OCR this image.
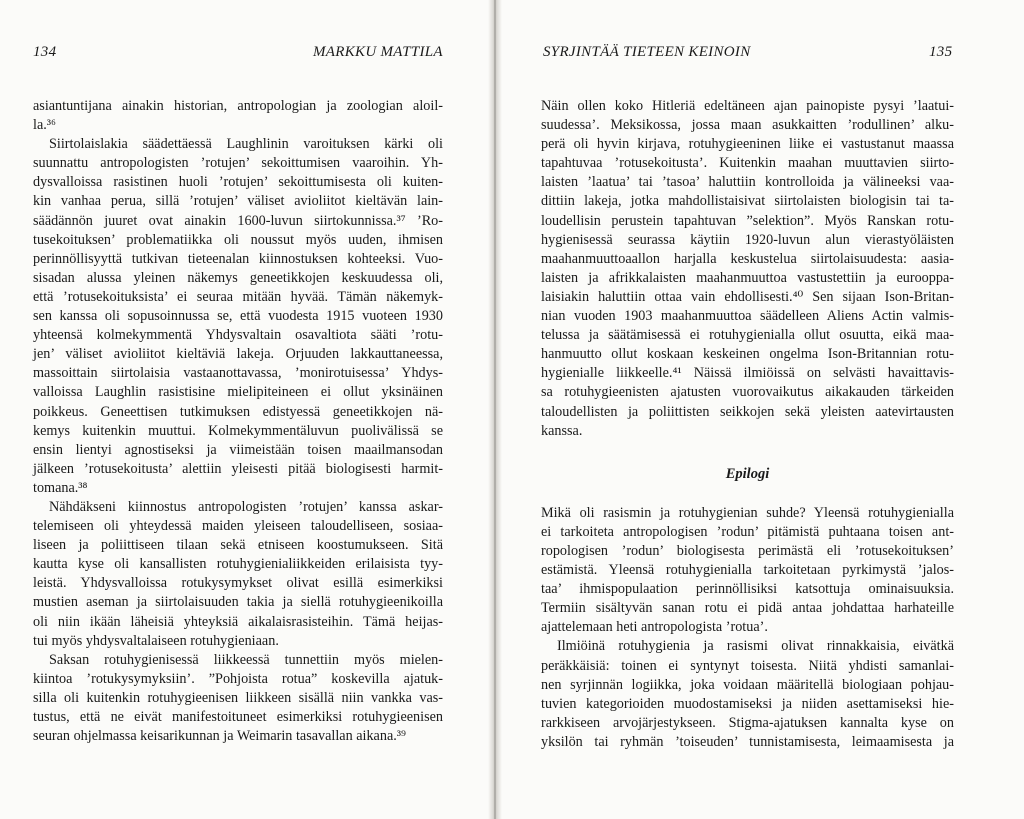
134	MARKKU MATTILA
asiantuntijana ainakin historian, antropologian ja zoologian aloil-
la.³⁶
Siirtolaislakia säädettäessä Laughlinin varoituksen kärki oli
suunnattu antropologisten ’rotujen’ sekoittumisen vaaroihin. Yh-
dysvalloissa rasistinen huoli ’rotujen’ sekoittumisesta oli kuiten-
kin vanhaa perua, sillä ’rotujen’ väliset avioliitot kieltävän lain-
säädännön juuret ovat ainakin 1600-luvun siirtokunnissa.³⁷ ’Ro-
tusekoituksen’ problematiikka oli noussut myös uuden, ihmisen
perinnöllisyyttä tutkivan tieteenalan kiinnostuksen kohteeksi. Vuo-
sisadan alussa yleinen näkemys geneetikkojen keskuudessa oli,
että ’rotusekoituksista’ ei seuraa mitään hyvää. Tämän näkemyk-
sen kanssa oli sopusoinnussa se, että vuodesta 1915 vuoteen 1930
yhteensä kolmekymmentä Yhdysvaltain osavaltiota sääti ’rotu-
jen’ väliset avioliitot kieltäviä lakeja. Orjuuden lakkauttaneessa,
massoittain siirtolaisia vastaanottavassa, ’monirotuisessa’ Yhdys-
valloissa Laughlin rasistisine mielipiteineen ei ollut yksinäinen
poikkeus. Geneettisen tutkimuksen edistyessä geneetikkojen nä-
kemys kuitenkin muuttui. Kolmekymmentäluvun puolivälissä se
ensin lientyi agnostiseksi ja viimeistään toisen maailmansodan
jälkeen ’rotusekoitusta’ alettiin yleisesti pitää biologisesti harmit-
tomana.³⁸
Nähdäkseni kiinnostus antropologisten ’rotujen’ kanssa askar-
telemiseen oli yhteydessä maiden yleiseen taloudelliseen, sosiaa-
liseen ja poliittiseen tilaan sekä etniseen koostumukseen. Sitä
kautta kyse oli kansallisten rotuhygienialiikkeiden erilaisista tyy-
leistä. Yhdysvalloissa rotukysymykset olivat esillä esimerkiksi
mustien aseman ja siirtolaisuuden takia ja siellä rotuhygieenikoilla
oli niin ikään läheisiä yhteyksiä aikalaisrasisteihin. Tämä heijas-
tui myös yhdysvaltalaiseen rotuhygieniaan.
Saksan rotuhygienisessä liikkeessä tunnettiin myös mielen-
kiintoa ’rotukysymyksiin’. ”Pohjoista rotua” koskevilla ajatuk-
silla oli kuitenkin rotuhygieenisen liikkeen sisällä niin vankka vas-
tustus, että ne eivät manifestoituneet esimerkiksi rotuhygieenisen
seuran ohjelmassa keisarikunnan ja Weimarin tasavallan aikana.³⁹
SYRJINTÄÄ TIETEEN KEINOIN	135
Näin ollen koko Hitleriä edeltäneen ajan painopiste pysyi ’laatui-
suudessa’. Meksikossa, jossa maan asukkaitten ’rodullinen’ alku-
perä oli hyvin kirjava, rotuhygieeninen liike ei vastustanut maassa
tapahtuvaa ’rotusekoitusta’. Kuitenkin maahan muuttavien siirto-
laisten ’laatua’ tai ’tasoa’ haluttiin kontrolloida ja välineeksi vaa-
dittiin lakeja, jotka mahdollistaisivat siirtolaisten biologisin tai ta-
loudellisin perustein tapahtuvan ”selektion”. Myös Ranskan rotu-
hygienisessä seurassa käytiin 1920-luvun alun vierastyöläisten
maahanmuuttoaallon harjalla keskustelua siirtolaisuudesta: aasia-
laisten ja afrikkalaisten maahanmuuttoa vastustettiin ja eurooppa-
laisiakin haluttiin ottaa vain ehdollisesti.⁴⁰ Sen sijaan Ison-Britan-
nian vuoden 1903 maahanmuuttoa säädelleen Aliens Actin valmis-
telussa ja säätämisessä ei rotuhygienialla ollut osuutta, eikä maa-
hanmuutto ollut koskaan keskeinen ongelma Ison-Britannian rotu-
hygienialle liikkeelle.⁴¹ Näissä ilmiöissä on selvästi havaittavis-
sa rotuhygieenisten ajatusten vuorovaikutus aikakauden tärkeiden
taloudellisten ja poliittisten seikkojen sekä yleisten aatevirtausten
kanssa.
Epilogi
Mikä oli rasismin ja rotuhygienian suhde? Yleensä rotuhygienialla
ei tarkoiteta antropologisen ’rodun’ pitämistä puhtaana toisen ant-
ropologisen ’rodun’ biologisesta perimästä eli ’rotusekoituksen’
estämistä. Yleensä rotuhygienialla tarkoitetaan pyrkimystä ’jalos-
taa’ ihmispopulaation perinnöllisiksi katsottuja ominaisuuksia.
Termiin sisältyvän sanan rotu ei pidä antaa johdattaa harhateille
ajattelemaan heti antropologista ’rotua’.
Ilmiöinä rotuhygienia ja rasismi olivat rinnakkaisia, eivätkä
peräkkäisiä: toinen ei syntynyt toisesta. Niitä yhdisti samanlai-
nen syrjinnän logiikka, joka voidaan määritellä biologiaan pohjau-
tuvien kategorioiden muodostamiseksi ja niiden asettamiseksi hie-
rarkkiseen arvojärjestykseen. Stigma-ajatuksen kannalta kyse on
yksilön tai ryhmän ’toiseuden’ tunnistamisesta, leimaamisesta ja
